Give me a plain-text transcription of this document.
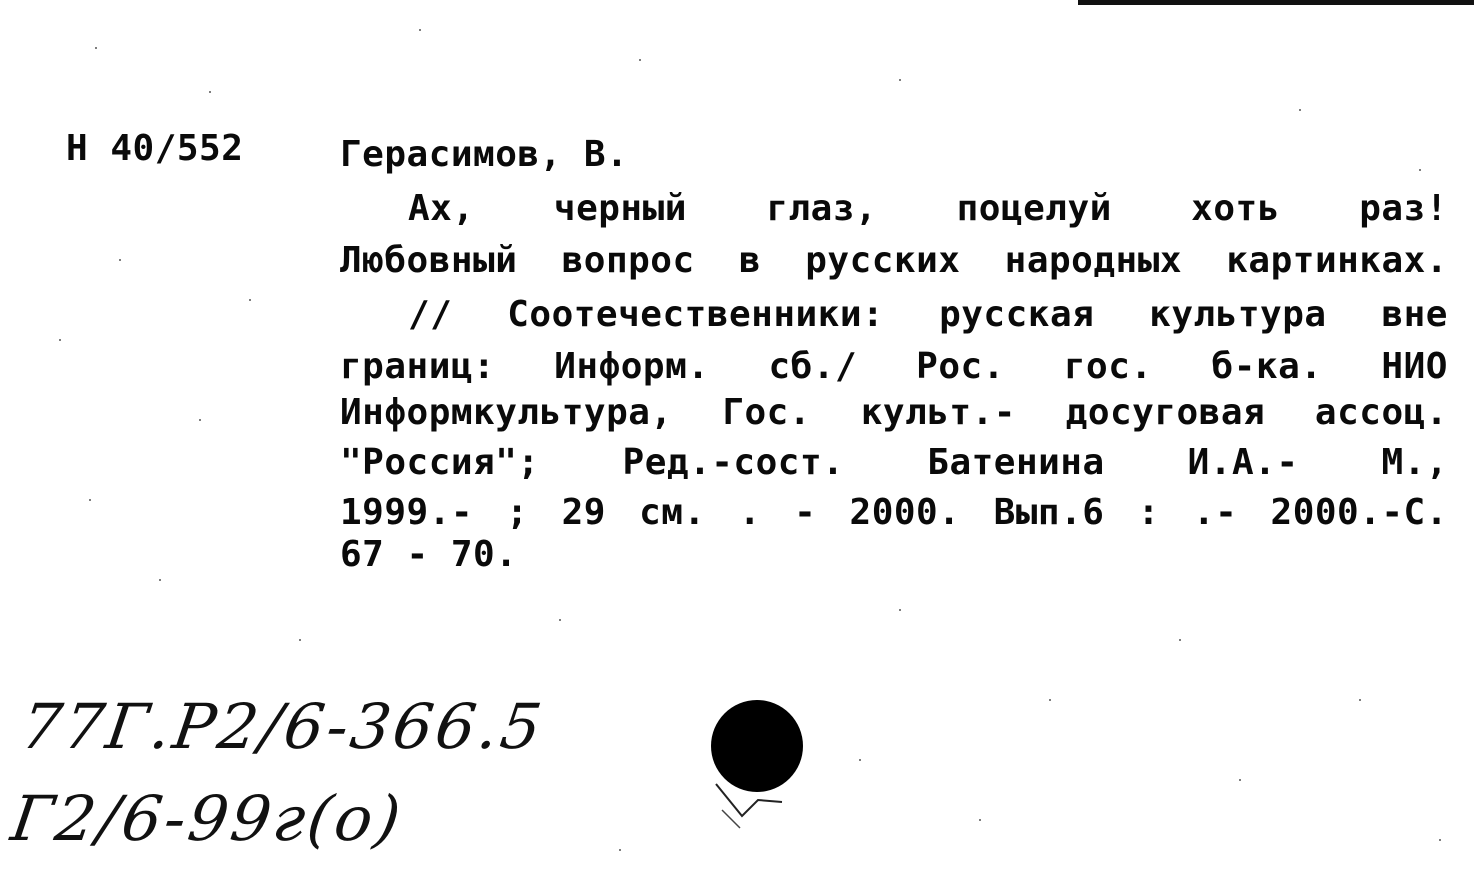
Н 40/552	Герасимов, В.
Ах, черный глаз, поцелуй хоть раз!
Любовный вопрос в русских народных картинках.
// Соотечественники: русская культура вне
границ: Информ. сб./ Рос. гос. б-ка. НИО
Информкультура, Гос. культ.- досуговая ассоц.
"Россия"; Ред.-сост. Батенина И.А.- М.,
1999.- ; 29 см. . - 2000. Вып.6 : .- 2000.-С.
67 - 70.
77Г.Р2/6-366.5
Г2/6-99г(о)
